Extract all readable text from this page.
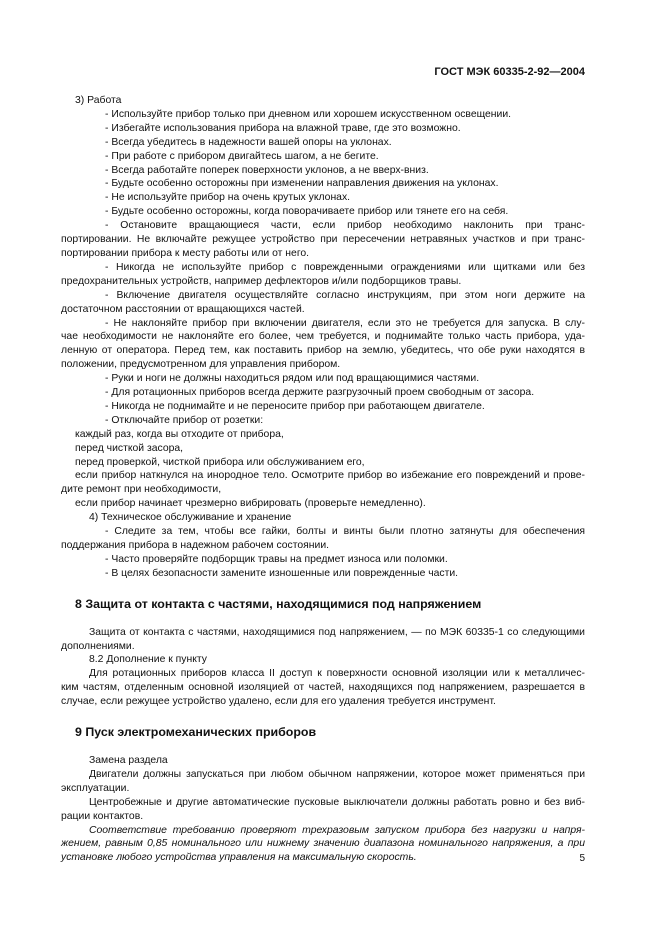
ГОСТ МЭК 60335-2-92—2004

3) Работа

- Используйте прибор только при дневном или хорошем искусственном освещении.

- Избегайте использования прибора на влажной траве, где это возможно.

- Всегда убедитесь в надежности вашей опоры на уклонах.

- При работе с прибором двигайтесь шагом, а не бегите.

- Всегда работайте поперек поверхности уклонов, а не вверх-вниз.

- Будьте особенно осторожны при изменении направления движения на уклонах.

- Не используйте прибор на очень крутых уклонах.

- Будьте особенно осторожны, когда поворачиваете прибор или тянете его на себя.

- Остановите вращающиеся части, если прибор необходимо наклонить при транс-

портировании. Не включайте режущее устройство при пересечении нетравяных участков и при транс-

портировании прибора к месту работы или от него.

- Никогда не используйте прибор с поврежденными ограждениями или щитками или без

предохранительных устройств, например дефлекторов и/или подборщиков травы.

- Включение двигателя осуществляйте согласно инструкциям, при этом ноги держите на

достаточном расстоянии от вращающихся частей.

- Не наклоняйте прибор при включении двигателя, если это не требуется для запуска. В слу-

чае необходимости не наклоняйте его более, чем требуется, и поднимайте только часть прибора, уда-

ленную от оператора. Перед тем, как поставить прибор на землю, убедитесь, что обе руки находятся в

положении, предусмотренном для управления прибором.

- Руки и ноги не должны находиться рядом или под вращающимися частями.

- Для ротационных приборов всегда держите разгрузочный проем свободным от засора.

- Никогда не поднимайте и не переносите прибор при работающем двигателе.

- Отключайте прибор от розетки:

каждый раз, когда вы отходите от прибора,

перед чисткой засора,

перед проверкой, чисткой прибора или обслуживанием его,

если прибор наткнулся на инородное тело. Осмотрите прибор во избежание его повреждений и прове-

дите ремонт при необходимости,

если прибор начинает чрезмерно вибрировать (проверьте немедленно).

4) Техническое обслуживание и хранение

- Следите за тем, чтобы все гайки, болты и винты были плотно затянуты для обеспечения

поддержания прибора в надежном рабочем состоянии.

- Часто проверяйте подборщик травы на предмет износа или поломки.

- В целях безопасности замените изношенные или поврежденные части.

8 Защита от контакта с частями, находящимися под напряжением

Защита от контакта с частями, находящимися под напряжением, — по МЭК 60335-1 со следующими

дополнениями.

8.2 Дополнение к пункту

Для ротационных приборов класса II доступ к поверхности основной изоляции или к металличес-

ким частям, отделенным основной изоляцией от частей, находящихся под напряжением, разрешается в

случае, если режущее устройство удалено, если для его удаления требуется инструмент.

9 Пуск электромеханических приборов

Замена раздела

Двигатели должны запускаться при любом обычном напряжении, которое может применяться при

эксплуатации.

Центробежные и другие автоматические пусковые выключатели должны работать ровно и без виб-

рации контактов.

Соответствие требованию проверяют трехразовым запуском прибора без нагрузки и напря-

жением, равным 0,85 номинального или нижнему значению диапазона номинального напряжения, а при

установке любого устройства управления на максимальную скорость.	5
